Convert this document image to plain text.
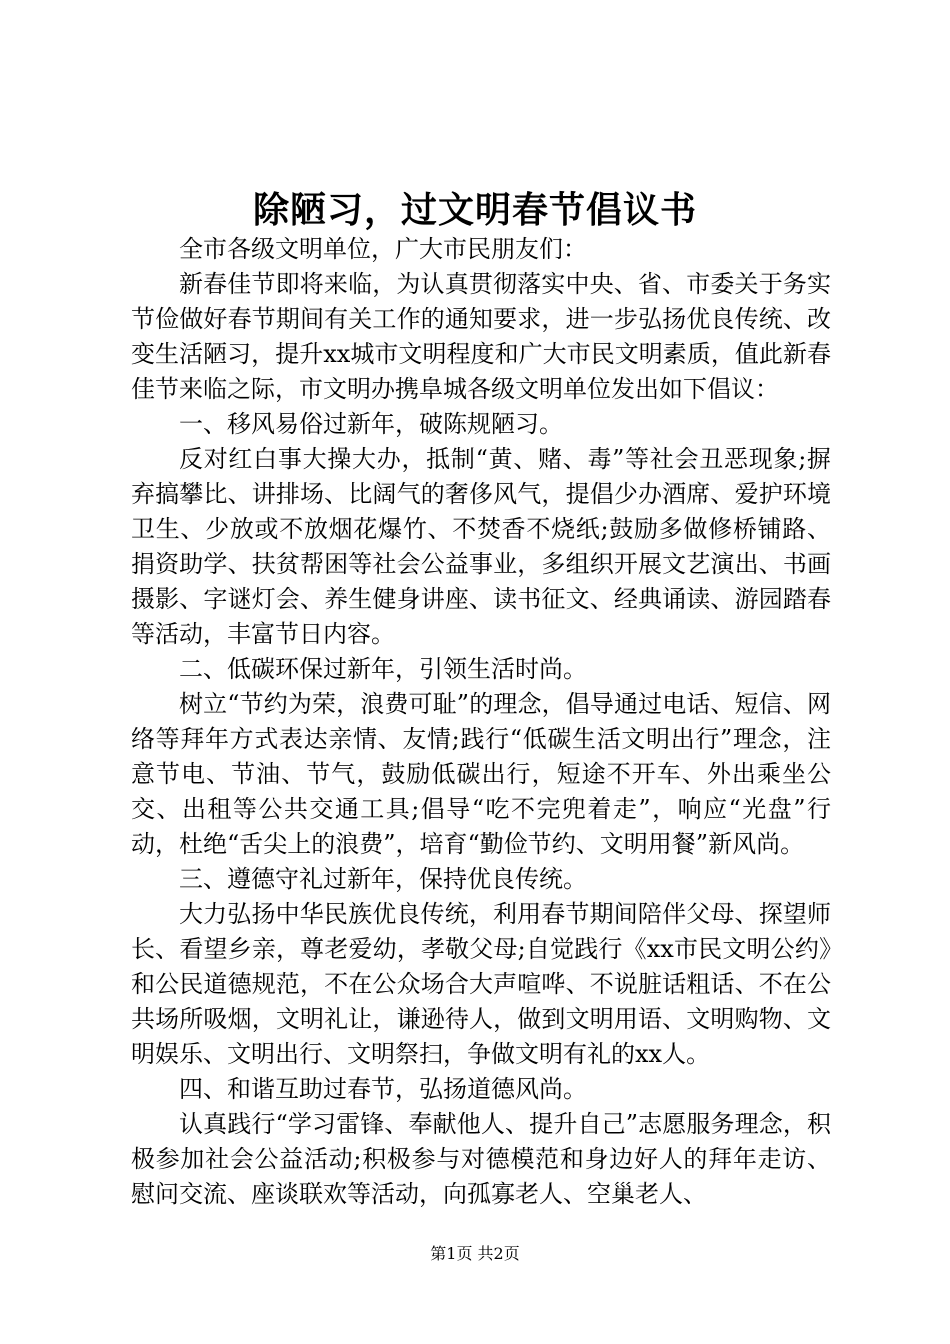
除陋习，过文明春节倡议书

全市各级文明单位，广大市民朋友们：

新春佳节即将来临，为认真贯彻落实中央、省、市委关于务实节俭做好春节期间有关工作的通知要求，进一步弘扬优良传统、改变生活陋习，提升xx城市文明程度和广大市民文明素质，值此新春佳节来临之际，市文明办携阜城各级文明单位发出如下倡议：

一、移风易俗过新年，破陈规陋习。

反对红白事大操大办，抵制“黄、赌、毒”等社会丑恶现象;摒弃搞攀比、讲排场、比阔气的奢侈风气，提倡少办酒席、爱护环境卫生、少放或不放烟花爆竹、不焚香不烧纸;鼓励多做修桥铺路、捐资助学、扶贫帮困等社会公益事业，多组织开展文艺演出、书画摄影、字谜灯会、养生健身讲座、读书征文、经典诵读、游园踏春等活动，丰富节日内容。

二、低碳环保过新年，引领生活时尚。

树立“节约为荣，浪费可耻”的理念，倡导通过电话、短信、网络等拜年方式表达亲情、友情;践行“低碳生活文明出行”理念，注意节电、节油、节气，鼓励低碳出行，短途不开车、外出乘坐公交、出租等公共交通工具;倡导“吃不完兜着走”，响应“光盘”行动，杜绝“舌尖上的浪费”，培育“勤俭节约、文明用餐”新风尚。

三、遵德守礼过新年，保持优良传统。

大力弘扬中华民族优良传统，利用春节期间陪伴父母、探望师长、看望乡亲，尊老爱幼，孝敬父母;自觉践行《xx市民文明公约》和公民道德规范，不在公众场合大声喧哗、不说脏话粗话、不在公共场所吸烟，文明礼让，谦逊待人，做到文明用语、文明购物、文明娱乐、文明出行、文明祭扫，争做文明有礼的xx人。

四、和谐互助过春节，弘扬道德风尚。

认真践行“学习雷锋、奉献他人、提升自己”志愿服务理念，积极参加社会公益活动;积极参与对德模范和身边好人的拜年走访、慰问交流、座谈联欢等活动，向孤寡老人、空巢老人、

第1页 共2页
